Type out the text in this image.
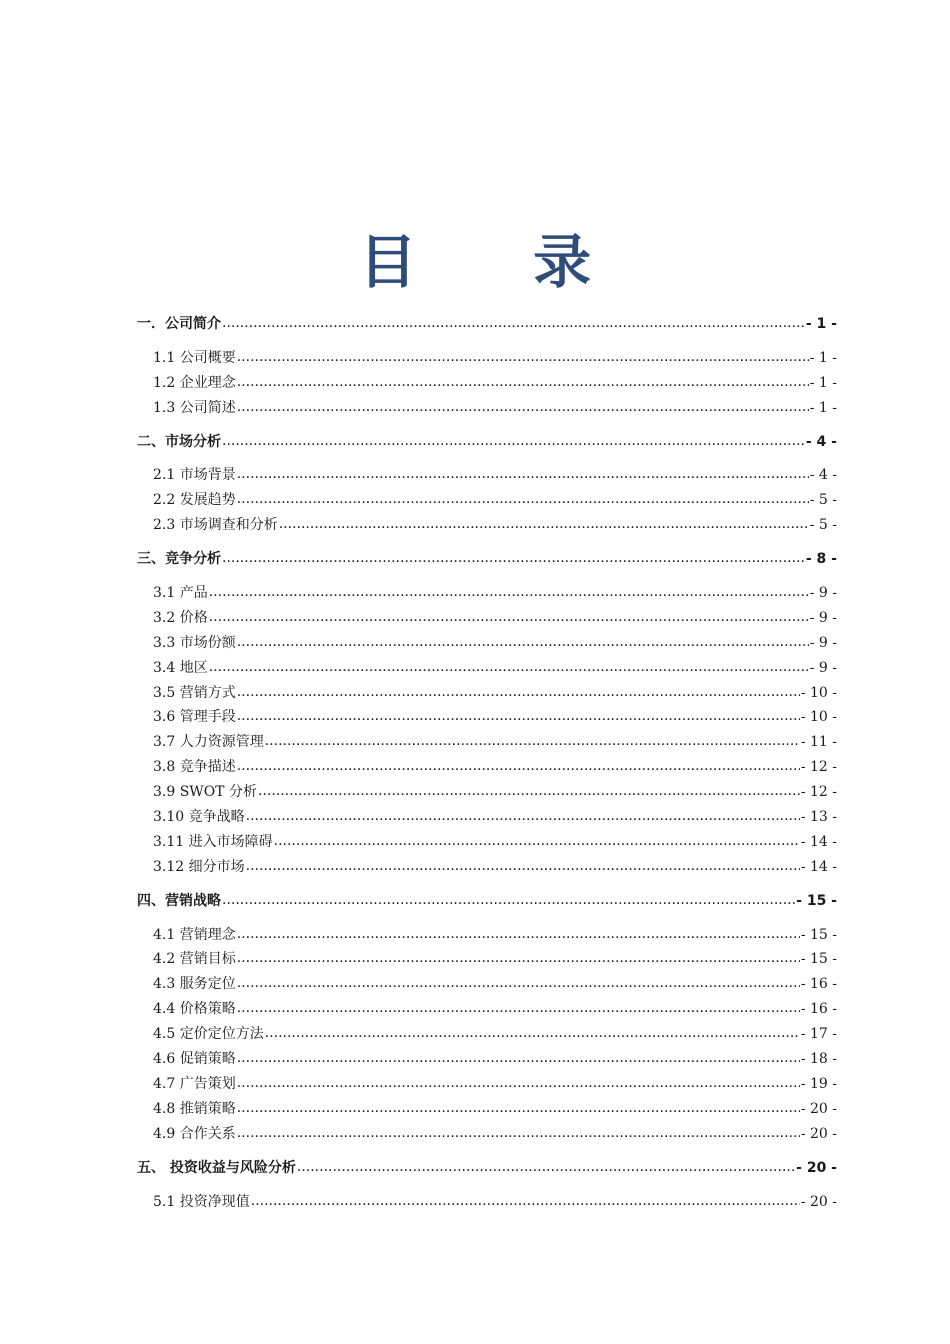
目 录
一．公司简介 .....	- 1 -
1.1 公司概要 .....	- 1 -
1.2 企业理念 .....	- 1 -
1.3 公司简述 .....	- 1 -
二、市场分析 .....	- 4 -
2.1 市场背景 .....	- 4 -
2.2 发展趋势 .....	- 5 -
2.3 市场调查和分析 .....	- 5 -
三、竞争分析 .....	- 8 -
3.1 产品 .....	- 9 -
3.2 价格 .....	- 9 -
3.3 市场份额 .....	- 9 -
3.4 地区 .....	- 9 -
3.5 营销方式 .....	- 10 -
3.6 管理手段 .....	- 10 -
3.7 人力资源管理 .....	- 11 -
3.8 竞争描述 .....	- 12 -
3.9 SWOT 分析 .....	- 12 -
3.10 竞争战略 .....	- 13 -
3.11 进入市场障碍 .....	- 14 -
3.12 细分市场 .....	- 14 -
四、营销战略 .....	- 15 -
4.1 营销理念 .....	- 15 -
4.2 营销目标 .....	- 15 -
4.3 服务定位 .....	- 16 -
4.4 价格策略 .....	- 16 -
4.5 定价定位方法 .....	- 17 -
4.6 促销策略 .....	- 18 -
4.7 广告策划 .....	- 19 -
4.8 推销策略 .....	- 20 -
4.9 合作关系 .....	- 20 -
五、 投资收益与风险分析 .....	- 20 -
5.1 投资净现值 .....	- 20 -
